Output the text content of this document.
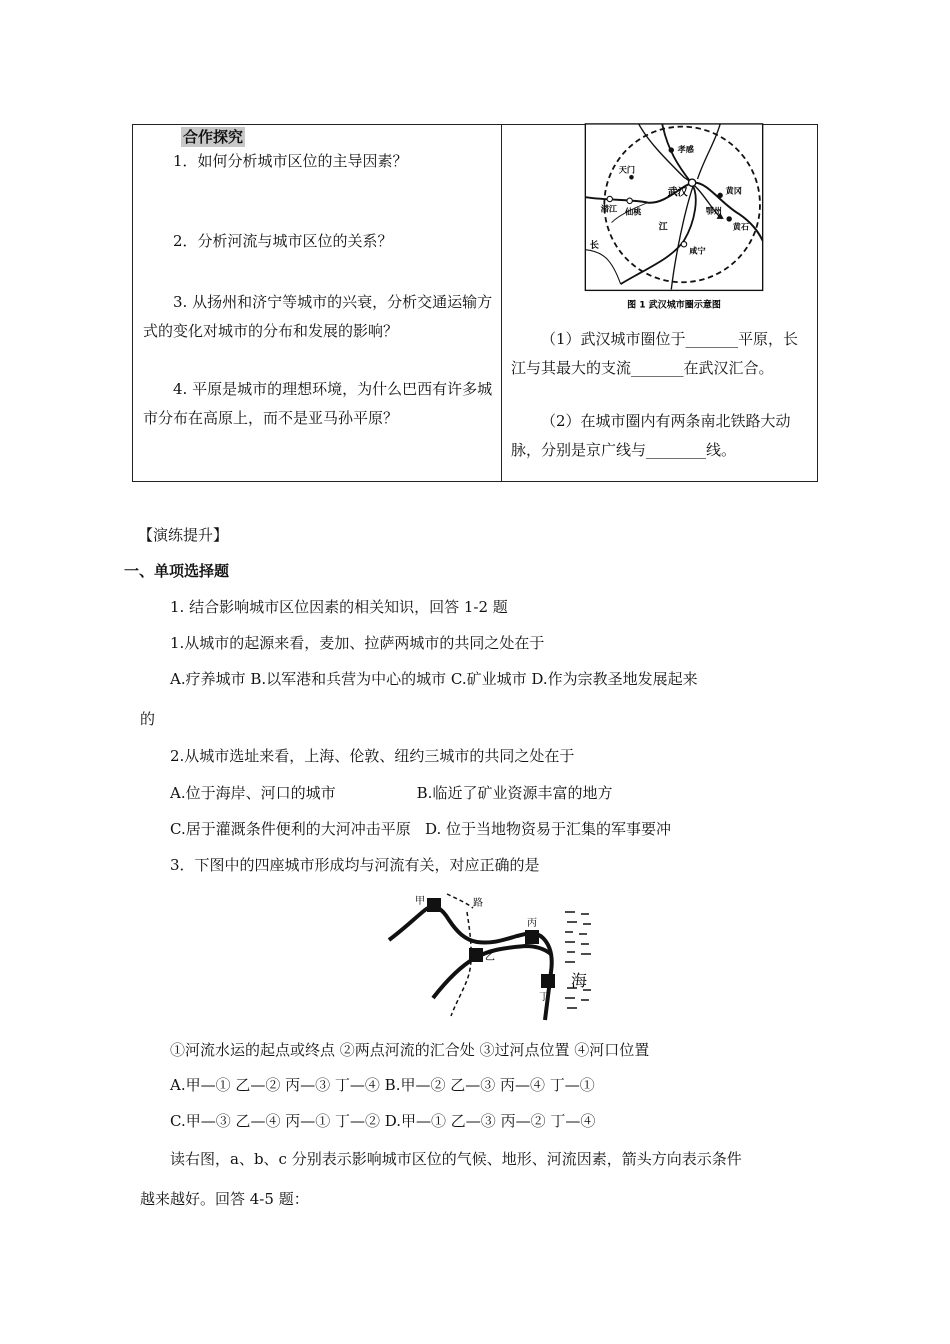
合作探究
1．如何分析城市区位的主导因素？
2．分析河流与城市区位的关系？
3. 从扬州和济宁等城市的兴衰，分析交通运输方式的变化对城市的分布和发展的影响？
4. 平原是城市的理想环境，为什么巴西有许多城市分布在高原上，而不是亚马孙平原？
孝感
天门
潜江 仙桃
武汉
鄂州
黄冈
黄石
咸宁
江
长
图 1 武汉城市圈示意图
（1）武汉城市圈位于_______平原，长江与其最大的支流_______在武汉汇合。
（2）在城市圈内有两条南北铁路大动脉，分别是京广线与________线。
【演练提升】
一、单项选择题
1. 结合影响城市区位因素的相关知识，回答 1-2 题
1.从城市的起源来看，麦加、拉萨两城市的共同之处在于
A.疗养城市 B.以军港和兵营为中心的城市 C.矿业城市 D.作为宗教圣地发展起来
的
2.从城市选址来看，上海、伦敦、纽约三城市的共同之处在于
A.位于海岸、河口的城市                 B.临近了矿业资源丰富的地方
C.居于灌溉条件便利的大河冲击平原   D. 位于当地物资易于汇集的军事要冲
3．下图中的四座城市形成均与河流有关，对应正确的是
甲	路
乙
丙
丁
海
①河流水运的起点或终点 ②两点河流的汇合处 ③过河点位置 ④河口位置
A.甲—① 乙—② 丙—③ 丁—④ B.甲—② 乙—③ 丙—④ 丁—①
C.甲—③ 乙—④ 丙—① 丁—② D.甲—① 乙—③ 丙—② 丁—④
读右图，a、b、c 分别表示影响城市区位的气候、地形、河流因素，箭头方向表示条件
越来越好。回答 4-5 题：
